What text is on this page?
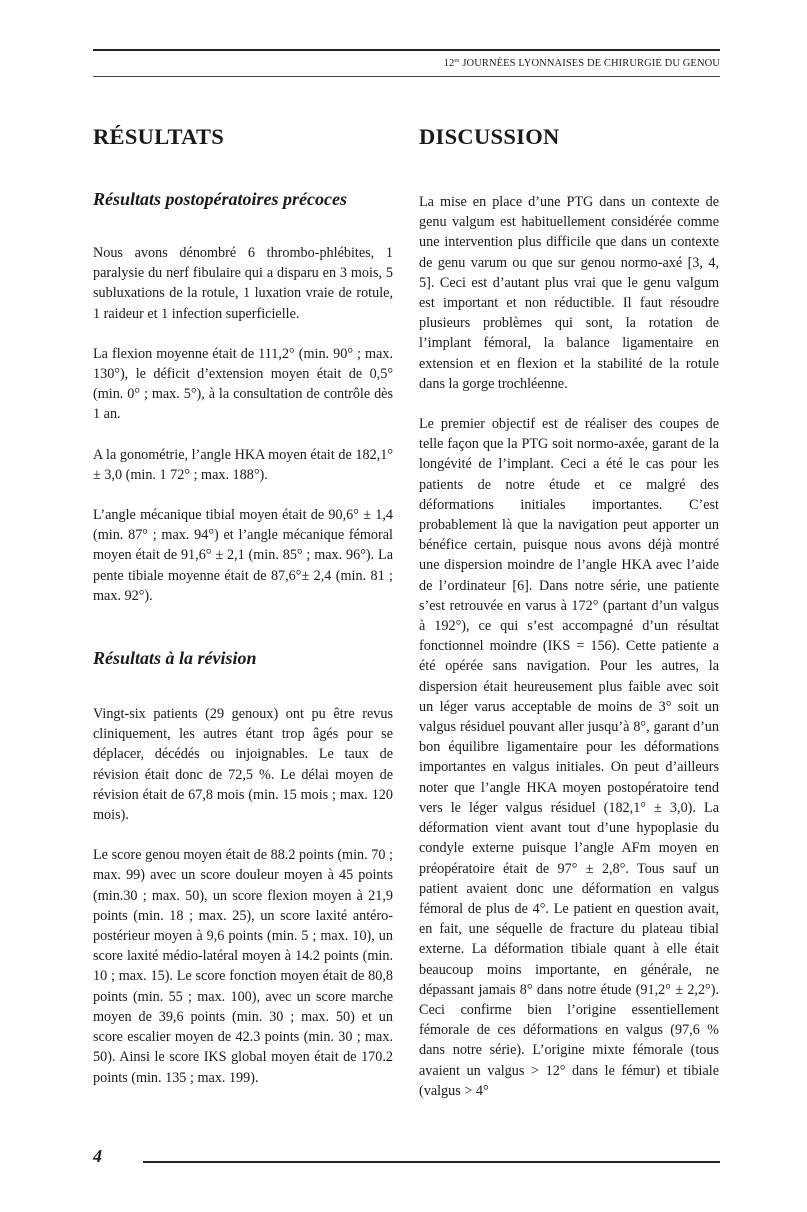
$12^{es}$ JOURNÉES LYONNAISES DE CHIRURGIE DU GENOU
RÉSULTATS
Résultats postopératoires précoces

Nous avons dénombré 6 thrombo-phlébites, 1 paralysie du nerf fibulaire qui a disparu en 3 mois, 5 subluxations de la rotule, 1 luxation vraie de rotule, 1 raideur et 1 infection superficielle.

La flexion moyenne était de 111,2° (min. 90° ; max. 130°), le déficit d’extension moyen était de 0,5° (min. 0° ; max. 5°), à la consultation de contrôle dès 1 an.

A la gonométrie, l’angle HKA moyen était de 182,1° ± 3,0 (min. 1 72° ; max. 188°).

L’angle mécanique tibial moyen était de 90,6° ± 1,4 (min. 87° ; max. 94°) et l’angle mécanique fémoral moyen était de 91,6° ± 2,1 (min. 85° ; max. 96°). La pente tibiale moyenne était de 87,6°± 2,4 (min. 81 ; max. 92°).

Résultats à la révision

Vingt-six patients (29 genoux) ont pu être revus cliniquement, les autres étant trop âgés pour se déplacer, décédés ou injoignables. Le taux de révision était donc de 72,5 %. Le délai moyen de révision était de 67,8 mois (min. 15 mois ; max. 120 mois).

Le score genou moyen était de 88.2 points (min. 70 ; max. 99) avec un score douleur moyen à 45 points (min.30 ; max. 50), un score flexion moyen à 21,9 points (min. 18 ; max. 25), un score laxité antéro-postérieur moyen à 9,6 points (min. 5 ; max. 10), un score laxité médio-latéral moyen à 14.2 points (min. 10 ; max. 15). Le score fonction moyen était de 80,8 points (min. 55 ; max. 100), avec un score marche moyen de 39,6 points (min. 30 ; max. 50) et un score escalier moyen de 42.3 points (min. 30 ; max. 50). Ainsi le score IKS global moyen était de 170.2 points (min. 135 ; max. 199).

DISCUSSION

La mise en place d’une PTG dans un contexte de genu valgum est habituellement considérée comme une intervention plus difficile que dans un contexte de genu varum ou que sur genou normo-axé [3, 4, 5]. Ceci est d’autant plus vrai que le genu valgum est important et non réductible. Il faut résoudre plusieurs problèmes qui sont, la rotation de l’implant fémoral, la balance ligamentaire en extension et en flexion et la stabilité de la rotule dans la gorge trochléenne.

Le premier objectif est de réaliser des coupes de telle façon que la PTG soit normo-axée, garant de la longévité de l’implant. Ceci a été le cas pour les patients de notre étude et ce malgré des déformations initiales importantes. C’est probablement là que la navigation peut apporter un bénéfice certain, puisque nous avons déjà montré une dispersion moindre de l’angle HKA avec l’aide de l’ordinateur [6]. Dans notre série, une patiente s’est retrouvée en varus à 172° (partant d’un valgus à 192°), ce qui s’est accompagné d’un résultat fonctionnel moindre (IKS = 156). Cette patiente a été opérée sans navigation. Pour les autres, la dispersion était heureusement plus faible avec soit un léger varus acceptable de moins de 3° soit un valgus résiduel pouvant aller jusqu’à 8°, garant d’un bon équilibre ligamentaire pour les déformations importantes en valgus initiales. On peut d’ailleurs noter que l’angle HKA moyen postopératoire tend vers le léger valgus résiduel (182,1° ± 3,0). La déformation vient avant tout d’une hypoplasie du condyle externe puisque l’angle AFm moyen en préopératoire était de 97° ± 2,8°. Tous sauf un patient avaient donc une déformation en valgus fémoral de plus de 4°. Le patient en question avait, en fait, une séquelle de fracture du plateau tibial externe. La déformation tibiale quant à elle était beaucoup moins importante, en générale, ne dépassant jamais 8° dans notre étude (91,2° ± 2,2°). Ceci confirme bien l’origine essentiellement fémorale de ces déformations en valgus (97,6 % dans notre série). L’origine mixte fémorale (tous avaient un valgus > 12° dans le fémur) et tibiale (valgus > 4°

4
